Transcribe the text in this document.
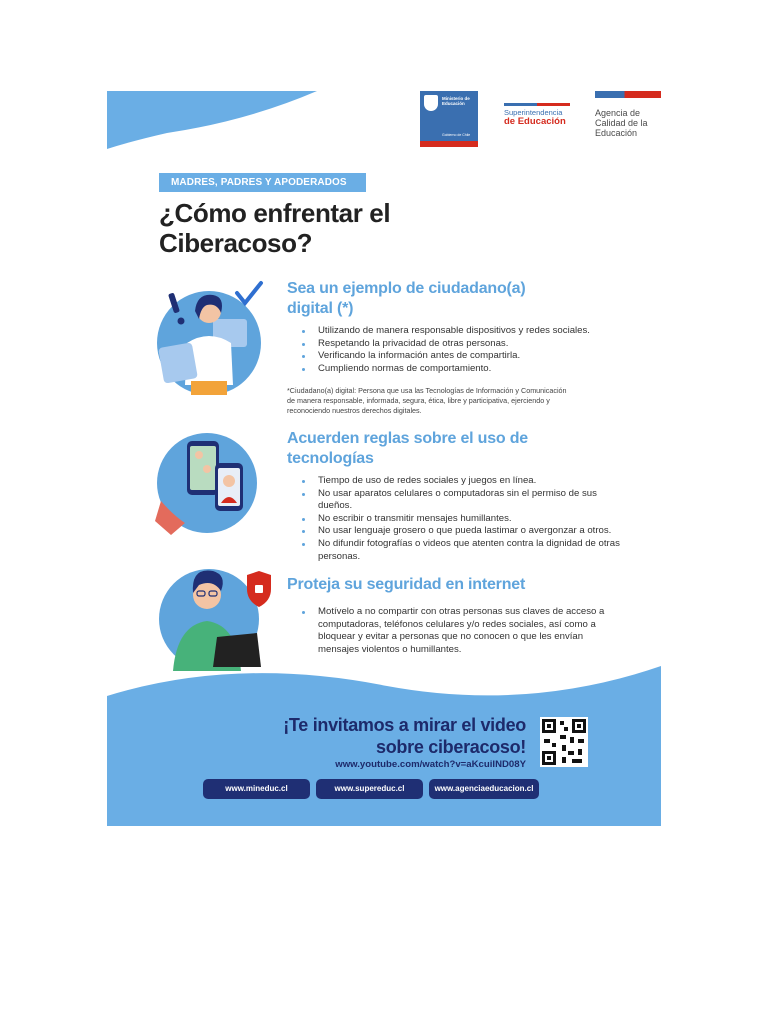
Ministerio de
Educación
Gobierno de Chile
Superintendencia
de Educación
Agencia de
Calidad de la
Educación
MADRES, PADRES Y APODERADOS
¿Cómo enfrentar el
Ciberacoso?
Sea un ejemplo de ciudadano(a)
digital (*)
Utilizando de manera responsable dispositivos y redes sociales.
Respetando la privacidad de otras personas.
Verificando la información antes de compartirla.
Cumpliendo normas de comportamiento.
*Ciudadano(a) digital: Persona que usa las Tecnologías de Información y Comunicación de manera responsable, informada, segura, ética, libre y participativa, ejerciendo y reconociendo nuestros derechos digitales.
Acuerden reglas sobre el uso de
tecnologías
Tiempo de uso de redes sociales y juegos en línea.
No usar aparatos celulares o computadoras sin el permiso de sus dueños.
No escribir o transmitir mensajes humillantes.
No usar lenguaje grosero o que pueda lastimar o avergonzar a otros.
No difundir fotografías o videos que atenten contra la dignidad de otras personas.
Proteja su seguridad en internet
Motívelo a no compartir con otras personas sus claves de acceso a computadoras, teléfonos celulares y/o redes sociales, así como a bloquear y evitar a personas que no conocen o que les envían mensajes violentos o humillantes.
¡Te invitamos a mirar el video
sobre ciberacoso!
www.youtube.com/watch?v=aKcuiIND08Y
www.mineduc.cl	www.supereduc.cl	www.agenciaeducacion.cl
